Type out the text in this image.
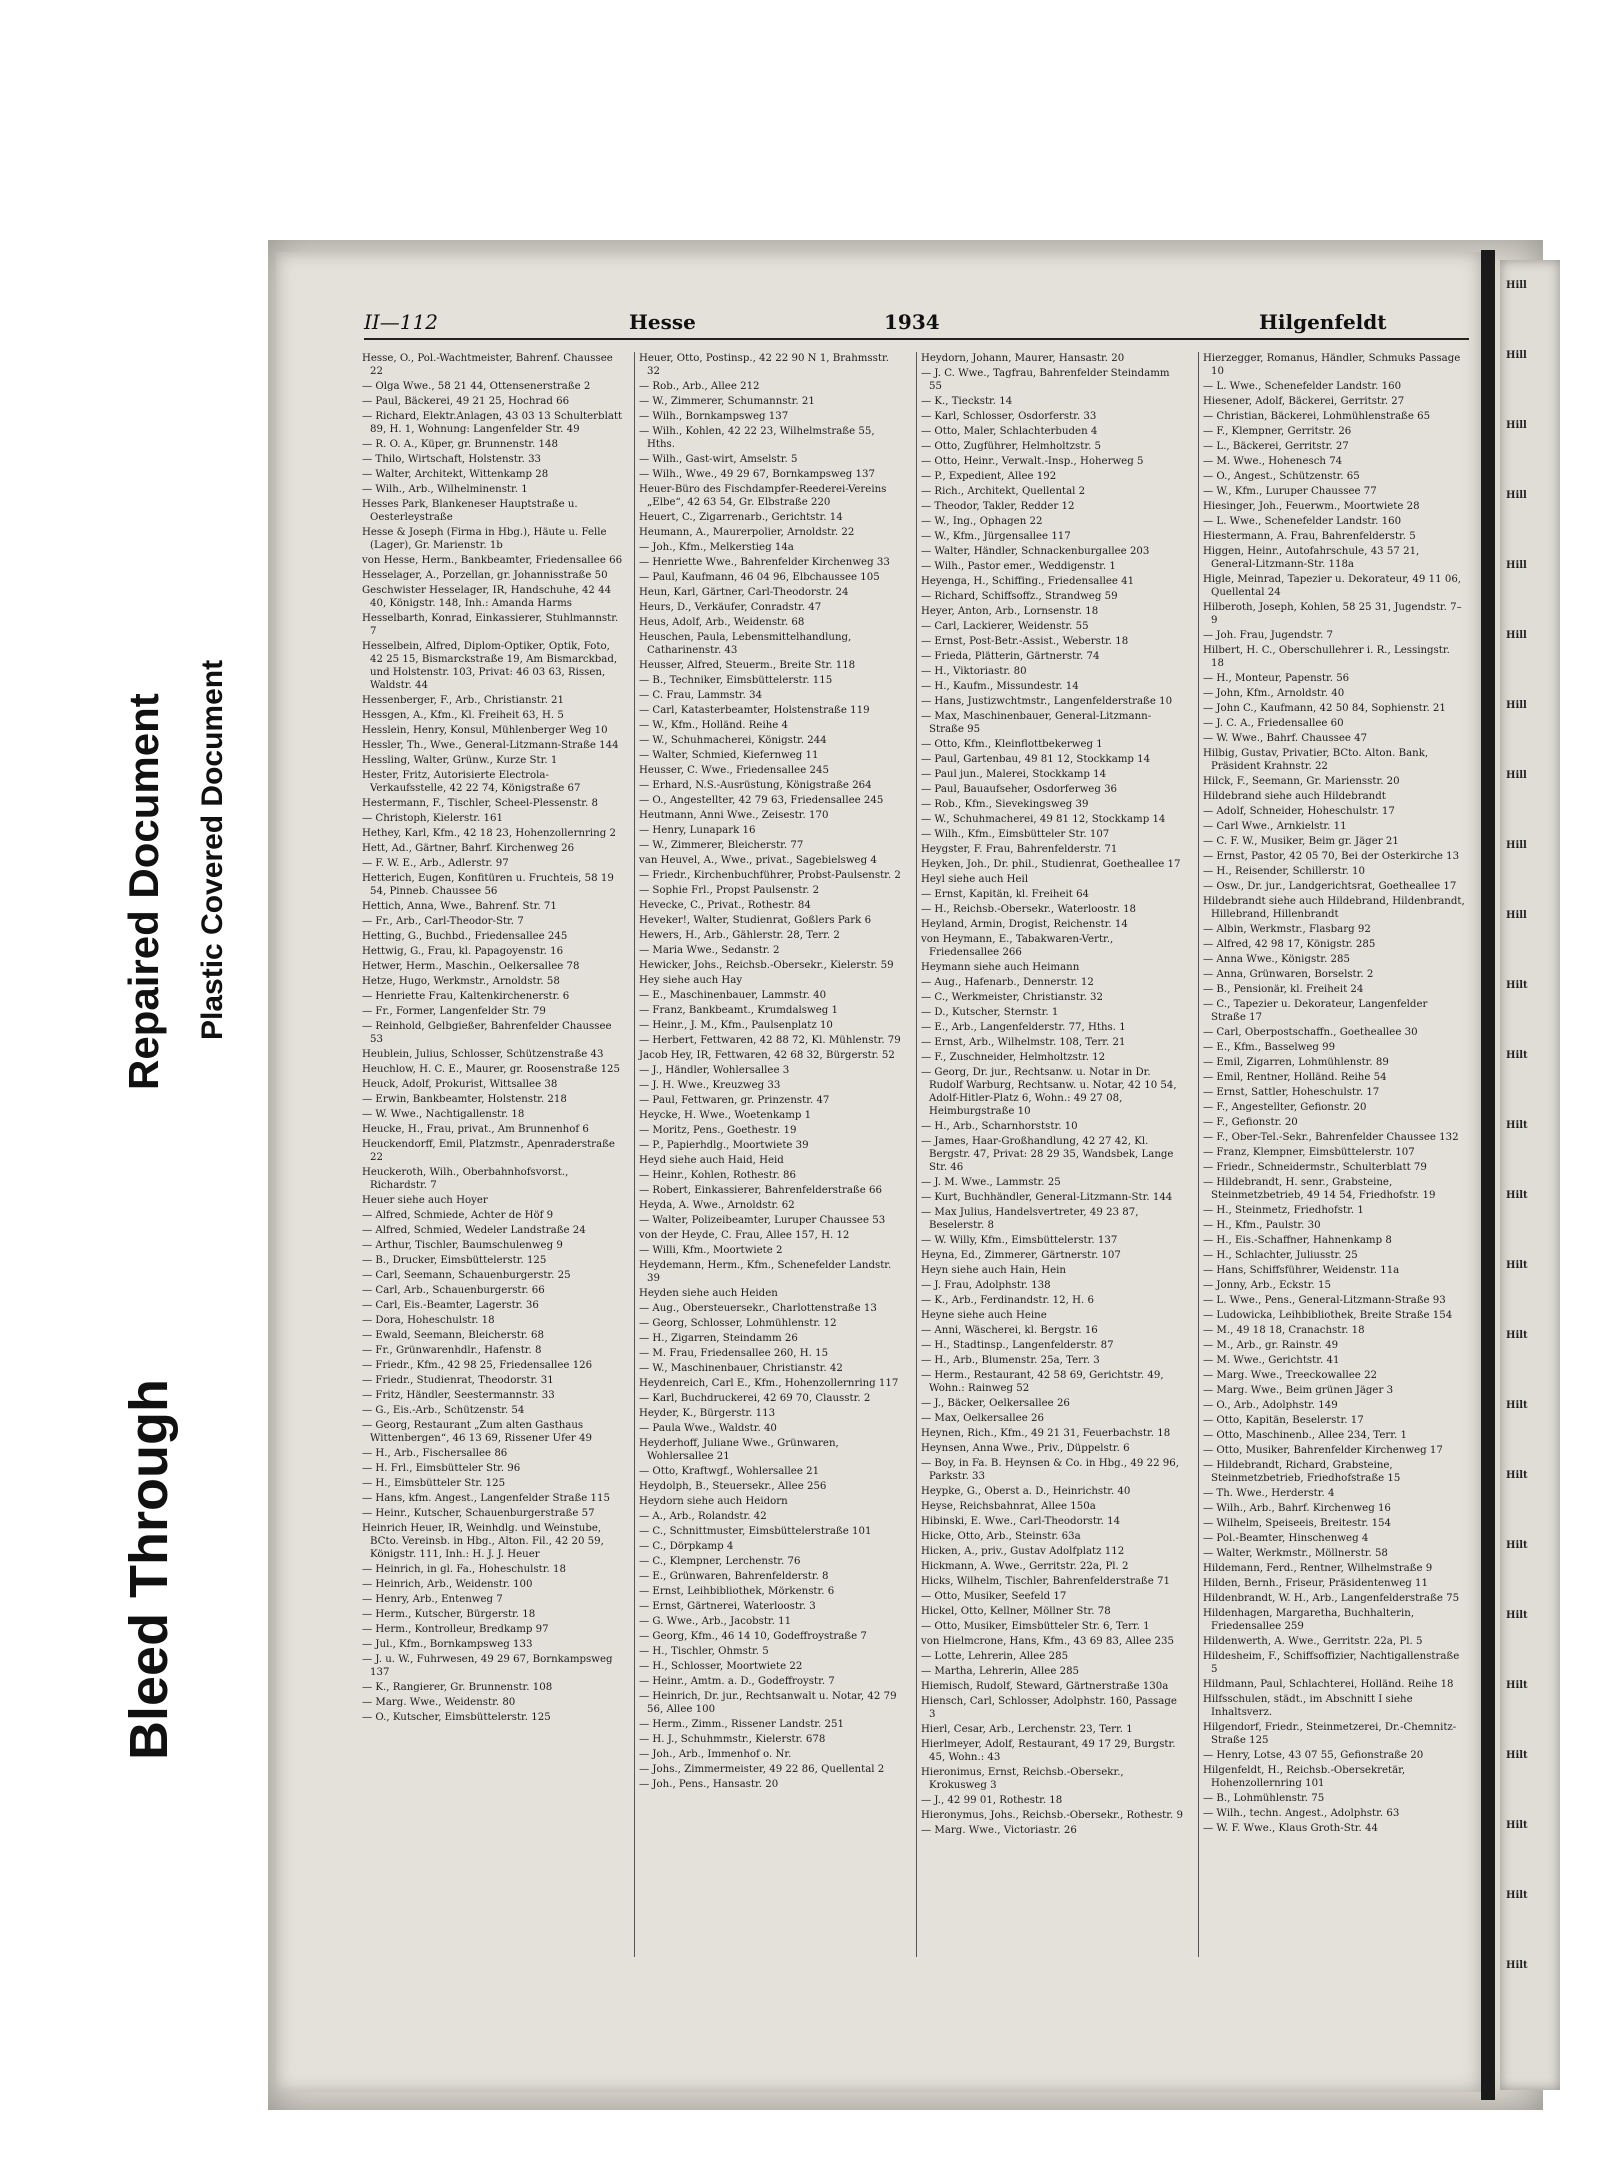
Bleed Through
Repaired Document Plastic Covered Document
Hill
Hill
Hill
Hill
Hill
Hill
Hill
Hill
Hill
Hill
Hilt
Hilt
Hilt
Hilt
Hilt
Hilt
Hilt
Hilt
Hilt
Hilt
Hilt
Hilt
Hilt
Hilt
Hilt
II—112	Hesse	1934	Hilgenfeldt
Hesse, O., Pol.-Wachtmeister, Bahrenf. Chaussee 22
— Olga Wwe., 58 21 44, Ottensenerstraße 2
— Paul, Bäckerei, 49 21 25, Hochrad 66
— Richard, Elektr.Anlagen, 43 03 13 Schulterblatt 89, H. 1, Wohnung: Langenfelder Str. 49
— R. O. A., Küper, gr. Brunnenstr. 148
— Thilo, Wirtschaft, Holstenstr. 33
— Walter, Architekt, Wittenkamp 28
— Wilh., Arb., Wilhelminenstr. 1
Hesses Park, Blankeneser Hauptstraße u. Oesterleystraße
Hesse & Joseph (Firma in Hbg.), Häute u. Felle (Lager), Gr. Marienstr. 1b
von Hesse, Herm., Bankbeamter, Friedensallee 66
Hesselager, A., Porzellan, gr. Johannisstraße 50
Geschwister Hesselager, IR, Handschuhe, 42 44 40, Königstr. 148, Inh.: Amanda Harms
Hesselbarth, Konrad, Einkassierer, Stuhlmannstr. 7
Hesselbein, Alfred, Diplom-Optiker, Optik, Foto, 42 25 15, Bismarckstraße 19, Am Bismarckbad, und Holstenstr. 103, Privat: 46 03 63, Rissen, Waldstr. 44
Hessenberger, F., Arb., Christianstr. 21
Hessgen, A., Kfm., Kl. Freiheit 63, H. 5
Hesslein, Henry, Konsul, Mühlenberger Weg 10
Hessler, Th., Wwe., General-Litzmann-Straße 144
Hessling, Walter, Grünw., Kurze Str. 1
Hester, Fritz, Autorisierte Electrola-Verkaufsstelle, 42 22 74, Königstraße 67
Hestermann, F., Tischler, Scheel-Plessenstr. 8
— Christoph, Kielerstr. 161
Hethey, Karl, Kfm., 42 18 23, Hohenzollernring 2
Hett, Ad., Gärtner, Bahrf. Kirchenweg 26
— F. W. E., Arb., Adlerstr. 97
Hetterich, Eugen, Konfitüren u. Fruchteis, 58 19 54, Pinneb. Chaussee 56
Hettich, Anna, Wwe., Bahrenf. Str. 71
— Fr., Arb., Carl-Theodor-Str. 7
Hetting, G., Buchbd., Friedensallee 245
Hettwig, G., Frau, kl. Papagoyenstr. 16
Hetwer, Herm., Maschin., Oelkersallee 78
Hetze, Hugo, Werkmstr., Arnoldstr. 58
— Henriette Frau, Kaltenkirchenerstr. 6
— Fr., Former, Langenfelder Str. 79
— Reinhold, Gelbgießer, Bahrenfelder Chaussee 53
Heublein, Julius, Schlosser, Schützenstraße 43
Heuchlow, H. C. E., Maurer, gr. Roosenstraße 125
Heuck, Adolf, Prokurist, Wittsallee 38
— Erwin, Bankbeamter, Holstenstr. 218
— W. Wwe., Nachtigallenstr. 18
Heucke, H., Frau, privat., Am Brunnenhof 6
Heuckendorff, Emil, Platzmstr., Apenraderstraße 22
Heuckeroth, Wilh., Oberbahnhofsvorst., Richardstr. 7
Heuer siehe auch Hoyer
— Alfred, Schmiede, Achter de Höf 9
— Alfred, Schmied, Wedeler Landstraße 24
— Arthur, Tischler, Baumschulenweg 9
— B., Drucker, Eimsbüttelerstr. 125
— Carl, Seemann, Schauenburgerstr. 25
— Carl, Arb., Schauenburgerstr. 66
— Carl, Eis.-Beamter, Lagerstr. 36
— Dora, Hoheschulstr. 18
— Ewald, Seemann, Bleicherstr. 68
— Fr., Grünwarenhdlr., Hafenstr. 8
— Friedr., Kfm., 42 98 25, Friedensallee 126
— Friedr., Studienrat, Theodorstr. 31
— Fritz, Händler, Seestermannstr. 33
— G., Eis.-Arb., Schützenstr. 54
— Georg, Restaurant „Zum alten Gasthaus Wittenbergen“, 46 13 69, Rissener Ufer 49
— H., Arb., Fischersallee 86
— H. Frl., Eimsbütteler Str. 96
— H., Eimsbütteler Str. 125
— Hans, kfm. Angest., Langenfelder Straße 115
— Heinr., Kutscher, Schauenburgerstraße 57
Heinrich Heuer, IR, Weinhdlg. und Weinstube, BCto. Vereinsb. in Hbg., Alton. Fil., 42 20 59, Königstr. 111, Inh.: H. J. J. Heuer
— Heinrich, in gl. Fa., Hoheschulstr. 18
— Heinrich, Arb., Weidenstr. 100
— Henry, Arb., Entenweg 7
— Herm., Kutscher, Bürgerstr. 18
— Herm., Kontrolleur, Bredkamp 97
— Jul., Kfm., Bornkampsweg 133
— J. u. W., Fuhrwesen, 49 29 67, Bornkampsweg 137
— K., Rangierer, Gr. Brunnenstr. 108
— Marg. Wwe., Weidenstr. 80
— O., Kutscher, Eimsbüttelerstr. 125
Heuer, Otto, Postinsp., 42 22 90 N 1, Brahmsstr. 32
— Rob., Arb., Allee 212
— W., Zimmerer, Schumannstr. 21
— Wilh., Bornkampsweg 137
— Wilh., Kohlen, 42 22 23, Wilhelmstraße 55, Hths.
— Wilh., Gast-wirt, Amselstr. 5
— Wilh., Wwe., 49 29 67, Bornkampsweg 137
Heuer-Büro des Fischdampfer-Reederei-Vereins „Elbe“, 42 63 54, Gr. Elbstraße 220
Heuert, C., Zigarrenarb., Gerichtstr. 14
Heumann, A., Maurerpolier, Arnoldstr. 22
— Joh., Kfm., Melkerstieg 14a
— Henriette Wwe., Bahrenfelder Kirchenweg 33
— Paul, Kaufmann, 46 04 96, Elbchaussee 105
Heun, Karl, Gärtner, Carl-Theodorstr. 24
Heurs, D., Verkäufer, Conradstr. 47
Heus, Adolf, Arb., Weidenstr. 68
Heuschen, Paula, Lebensmittelhandlung, Catharinenstr. 43
Heusser, Alfred, Steuerm., Breite Str. 118
— B., Techniker, Eimsbüttelerstr. 115
— C. Frau, Lammstr. 34
— Carl, Katasterbeamter, Holstenstraße 119
— W., Kfm., Holländ. Reihe 4
— W., Schuhmacherei, Königstr. 244
— Walter, Schmied, Kiefernweg 11
Heusser, C. Wwe., Friedensallee 245
— Erhard, N.S.-Ausrüstung, Königstraße 264
— O., Angestellter, 42 79 63, Friedensallee 245
Heutmann, Anni Wwe., Zeisestr. 170
— Henry, Lunapark 16
— W., Zimmerer, Bleicherstr. 77
van Heuvel, A., Wwe., privat., Sagebielsweg 4
— Friedr., Kirchenbuchführer, Probst-Paulsenstr. 2
— Sophie Frl., Propst Paulsenstr. 2
Hevecke, C., Privat., Rothestr. 84
Heveker!, Walter, Studienrat, Goßlers Park 6
Hewers, H., Arb., Gählerstr. 28, Terr. 2
— Maria Wwe., Sedanstr. 2
Hewicker, Johs., Reichsb.-Obersekr., Kielerstr. 59
Hey siehe auch Hay
— E., Maschinenbauer, Lammstr. 40
— Franz, Bankbeamt., Krumdalsweg 1
— Heinr., J. M., Kfm., Paulsenplatz 10
— Herbert, Fettwaren, 42 88 72, Kl. Mühlenstr. 79
Jacob Hey, IR, Fettwaren, 42 68 32, Bürgerstr. 52
— J., Händler, Wohlersallee 3
— J. H. Wwe., Kreuzweg 33
— Paul, Fettwaren, gr. Prinzenstr. 47
Heycke, H. Wwe., Woetenkamp 1
— Moritz, Pens., Goethestr. 19
— P., Papierhdlg., Moortwiete 39
Heyd siehe auch Haid, Heid
— Heinr., Kohlen, Rothestr. 86
— Robert, Einkassierer, Bahrenfelderstraße 66
Heyda, A. Wwe., Arnoldstr. 62
— Walter, Polizeibeamter, Luruper Chaussee 53
von der Heyde, C. Frau, Allee 157, H. 12
— Willi, Kfm., Moortwiete 2
Heydemann, Herm., Kfm., Schenefelder Landstr. 39
Heyden siehe auch Heiden
— Aug., Obersteuersekr., Charlottenstraße 13
— Georg, Schlosser, Lohmühlenstr. 12
— H., Zigarren, Steindamm 26
— M. Frau, Friedensallee 260, H. 15
— W., Maschinenbauer, Christianstr. 42
Heydenreich, Carl E., Kfm., Hohenzollernring 117
— Karl, Buchdruckerei, 42 69 70, Clausstr. 2
Heyder, K., Bürgerstr. 113
— Paula Wwe., Waldstr. 40
Heyderhoff, Juliane Wwe., Grünwaren, Wohlersallee 21
— Otto, Kraftwgf., Wohlersallee 21
Heydolph, B., Steuersekr., Allee 256
Heydorn siehe auch Heidorn
— A., Arb., Rolandstr. 42
— C., Schnittmuster, Eimsbüttelerstraße 101
— C., Dörpkamp 4
— C., Klempner, Lerchenstr. 76
— E., Grünwaren, Bahrenfelderstr. 8
— Ernst, Leihbibliothek, Mörkenstr. 6
— Ernst, Gärtnerei, Waterloostr. 3
— G. Wwe., Arb., Jacobstr. 11
— Georg, Kfm., 46 14 10, Godeffroystraße 7
— H., Tischler, Ohmstr. 5
— H., Schlosser, Moortwiete 22
— Heinr., Amtm. a. D., Godeffroystr. 7
— Heinrich, Dr. jur., Rechtsanwalt u. Notar, 42 79 56, Allee 100
— Herm., Zimm., Rissener Landstr. 251
— H. J., Schuhmmstr., Kielerstr. 678
— Joh., Arb., Immenhof o. Nr.
— Johs., Zimmermeister, 49 22 86, Quellental 2
— Joh., Pens., Hansastr. 20
Heydorn, Johann, Maurer, Hansastr. 20
— J. C. Wwe., Tagfrau, Bahrenfelder Steindamm 55
— K., Tieckstr. 14
— Karl, Schlosser, Osdorferstr. 33
— Otto, Maler, Schlachterbuden 4
— Otto, Zugführer, Helmholtzstr. 5
— Otto, Heinr., Verwalt.-Insp., Hoherweg 5
— P., Expedient, Allee 192
— Rich., Architekt, Quellental 2
— Theodor, Takler, Redder 12
— W., Ing., Ophagen 22
— W., Kfm., Jürgensallee 117
— Walter, Händler, Schnackenburgallee 203
— Wilh., Pastor emer., Weddigenstr. 1
Heyenga, H., Schiffing., Friedensallee 41
— Richard, Schiffsoffz., Strandweg 59
Heyer, Anton, Arb., Lornsenstr. 18
— Carl, Lackierer, Weidenstr. 55
— Ernst, Post-Betr.-Assist., Weberstr. 18
— Frieda, Plätterin, Gärtnerstr. 74
— H., Viktoriastr. 80
— H., Kaufm., Missundestr. 14
— Hans, Justizwchtmstr., Langenfelderstraße 10
— Max, Maschinenbauer, General-Litzmann-Straße 95
— Otto, Kfm., Kleinflottbekerweg 1
— Paul, Gartenbau, 49 81 12, Stockkamp 14
— Paul jun., Malerei, Stockkamp 14
— Paul, Bauaufseher, Osdorferweg 36
— Rob., Kfm., Sievekingsweg 39
— W., Schuhmacherei, 49 81 12, Stockkamp 14
— Wilh., Kfm., Eimsbütteler Str. 107
Heygster, F. Frau, Bahrenfelderstr. 71
Heyken, Joh., Dr. phil., Studienrat, Goetheallee 17
Heyl siehe auch Heil
— Ernst, Kapitän, kl. Freiheit 64
— H., Reichsb.-Obersekr., Waterloostr. 18
Heyland, Armin, Drogist, Reichenstr. 14
von Heymann, E., Tabakwaren-Vertr., Friedensallee 266
Heymann siehe auch Heimann
— Aug., Hafenarb., Dennerstr. 12
— C., Werkmeister, Christianstr. 32
— D., Kutscher, Sternstr. 1
— E., Arb., Langenfelderstr. 77, Hths. 1
— Ernst, Arb., Wilhelmstr. 108, Terr. 21
— F., Zuschneider, Helmholtzstr. 12
— Georg, Dr. jur., Rechtsanw. u. Notar in Dr. Rudolf Warburg, Rechtsanw. u. Notar, 42 10 54, Adolf-Hitler-Platz 6, Wohn.: 49 27 08, Heimburgstraße 10
— H., Arb., Scharnhorststr. 10
— James, Haar-Großhandlung, 42 27 42, Kl. Bergstr. 47, Privat: 28 29 35, Wandsbek, Lange Str. 46
— J. M. Wwe., Lammstr. 25
— Kurt, Buchhändler, General-Litzmann-Str. 144
— Max Julius, Handelsvertreter, 49 23 87, Beselerstr. 8
— W. Willy, Kfm., Eimsbüttelerstr. 137
Heyna, Ed., Zimmerer, Gärtnerstr. 107
Heyn siehe auch Hain, Hein
— J. Frau, Adolphstr. 138
— K., Arb., Ferdinandstr. 12, H. 6
Heyne siehe auch Heine
— Anni, Wäscherei, kl. Bergstr. 16
— H., Stadtinsp., Langenfelderstr. 87
— H., Arb., Blumenstr. 25a, Terr. 3
— Herm., Restaurant, 42 58 69, Gerichtstr. 49, Wohn.: Rainweg 52
— J., Bäcker, Oelkersallee 26
— Max, Oelkersallee 26
Heynen, Rich., Kfm., 49 21 31, Feuerbachstr. 18
Heynsen, Anna Wwe., Priv., Düppelstr. 6
— Boy, in Fa. B. Heynsen & Co. in Hbg., 49 22 96, Parkstr. 33
Heypke, G., Oberst a. D., Heinrichstr. 40
Heyse, Reichsbahnrat, Allee 150a
Hibinski, E. Wwe., Carl-Theodorstr. 14
Hicke, Otto, Arb., Steinstr. 63a
Hicken, A., priv., Gustav Adolfplatz 112
Hickmann, A. Wwe., Gerritstr. 22a, Pl. 2
Hicks, Wilhelm, Tischler, Bahrenfelderstraße 71
— Otto, Musiker, Seefeld 17
Hickel, Otto, Kellner, Möllner Str. 78
— Otto, Musiker, Eimsbütteler Str. 6, Terr. 1
von Hielmcrone, Hans, Kfm., 43 69 83, Allee 235
— Lotte, Lehrerin, Allee 285
— Martha, Lehrerin, Allee 285
Hiemisch, Rudolf, Steward, Gärtnerstraße 130a
Hiensch, Carl, Schlosser, Adolphstr. 160, Passage 3
Hierl, Cesar, Arb., Lerchenstr. 23, Terr. 1
Hierlmeyer, Adolf, Restaurant, 49 17 29, Burgstr. 45, Wohn.: 43
Hieronimus, Ernst, Reichsb.-Obersekr., Krokusweg 3
— J., 42 99 01, Rothestr. 18
Hieronymus, Johs., Reichsb.-Obersekr., Rothestr. 9
— Marg. Wwe., Victoriastr. 26
Hierzegger, Romanus, Händler, Schmuks Passage 10
— L. Wwe., Schenefelder Landstr. 160
Hiesener, Adolf, Bäckerei, Gerritstr. 27
— Christian, Bäckerei, Lohmühlenstraße 65
— F., Klempner, Gerritstr. 26
— L., Bäckerei, Gerritstr. 27
— M. Wwe., Hohenesch 74
— O., Angest., Schützenstr. 65
— W., Kfm., Luruper Chaussee 77
Hiesinger, Joh., Feuerwm., Moortwiete 28
— L. Wwe., Schenefelder Landstr. 160
Hiestermann, A. Frau, Bahrenfelderstr. 5
Higgen, Heinr., Autofahrschule, 43 57 21, General-Litzmann-Str. 118a
Higle, Meinrad, Tapezier u. Dekorateur, 49 11 06, Quellental 24
Hilberoth, Joseph, Kohlen, 58 25 31, Jugendstr. 7–9
— Joh. Frau, Jugendstr. 7
Hilbert, H. C., Oberschullehrer i. R., Lessingstr. 18
— H., Monteur, Papenstr. 56
— John, Kfm., Arnoldstr. 40
— John C., Kaufmann, 42 50 84, Sophienstr. 21
— J. C. A., Friedensallee 60
— W. Wwe., Bahrf. Chaussee 47
Hilbig, Gustav, Privatier, BCto. Alton. Bank, Präsident Krahnstr. 22
Hilck, F., Seemann, Gr. Mariensstr. 20
Hildebrand siehe auch Hildebrandt
— Adolf, Schneider, Hoheschulstr. 17
— Carl Wwe., Arnkielstr. 11
— C. F. W., Musiker, Beim gr. Jäger 21
— Ernst, Pastor, 42 05 70, Bei der Osterkirche 13
— H., Reisender, Schillerstr. 10
— Osw., Dr. jur., Landgerichtsrat, Goetheallee 17
Hildebrandt siehe auch Hildebrand, Hildenbrandt, Hillebrand, Hillenbrandt
— Albin, Werkmstr., Flasbarg 92
— Alfred, 42 98 17, Königstr. 285
— Anna Wwe., Königstr. 285
— Anna, Grünwaren, Borselstr. 2
— B., Pensionär, kl. Freiheit 24
— C., Tapezier u. Dekorateur, Langenfelder Straße 17
— Carl, Oberpostschaffn., Goetheallee 30
— E., Kfm., Basselweg 99
— Emil, Zigarren, Lohmühlenstr. 89
— Emil, Rentner, Holländ. Reihe 54
— Ernst, Sattler, Hoheschulstr. 17
— F., Angestellter, Gefionstr. 20
— F., Gefionstr. 20
— F., Ober-Tel.-Sekr., Bahrenfelder Chaussee 132
— Franz, Klempner, Eimsbüttelerstr. 107
— Friedr., Schneidermstr., Schulterblatt 79
— Hildebrandt, H. senr., Grabsteine, Steinmetzbetrieb, 49 14 54, Friedhofstr. 19
— H., Steinmetz, Friedhofstr. 1
— H., Kfm., Paulstr. 30
— H., Eis.-Schaffner, Hahnenkamp 8
— H., Schlachter, Juliusstr. 25
— Hans, Schiffsführer, Weidenstr. 11a
— Jonny, Arb., Eckstr. 15
— L. Wwe., Pens., General-Litzmann-Straße 93
— Ludowicka, Leihbibliothek, Breite Straße 154
— M., 49 18 18, Cranachstr. 18
— M., Arb., gr. Rainstr. 49
— M. Wwe., Gerichtstr. 41
— Marg. Wwe., Treeckowallee 22
— Marg. Wwe., Beim grünen Jäger 3
— O., Arb., Adolphstr. 149
— Otto, Kapitän, Beselerstr. 17
— Otto, Maschinenb., Allee 234, Terr. 1
— Otto, Musiker, Bahrenfelder Kirchenweg 17
— Hildebrandt, Richard, Grabsteine, Steinmetzbetrieb, Friedhofstraße 15
— Th. Wwe., Herderstr. 4
— Wilh., Arb., Bahrf. Kirchenweg 16
— Wilhelm, Speiseeis, Breitestr. 154
— Pol.-Beamter, Hinschenweg 4
— Walter, Werkmstr., Möllnerstr. 58
Hildemann, Ferd., Rentner, Wilhelmstraße 9
Hilden, Bernh., Friseur, Präsidentenweg 11
Hildenbrandt, W. H., Arb., Langenfelderstraße 75
Hildenhagen, Margaretha, Buchhalterin, Friedensallee 259
Hildenwerth, A. Wwe., Gerritstr. 22a, Pl. 5
Hildesheim, F., Schiffsoffizier, Nachtigallenstraße 5
Hildmann, Paul, Schlachterei, Holländ. Reihe 18
Hilfsschulen, städt., im Abschnitt I siehe Inhaltsverz.
Hilgendorf, Friedr., Steinmetzerei, Dr.-Chemnitz-Straße 125
— Henry, Lotse, 43 07 55, Gefionstraße 20
Hilgenfeldt, H., Reichsb.-Obersekretär, Hohenzollernring 101
— B., Lohmühlenstr. 75
— Wilh., techn. Angest., Adolphstr. 63
— W. F. Wwe., Klaus Groth-Str. 44
